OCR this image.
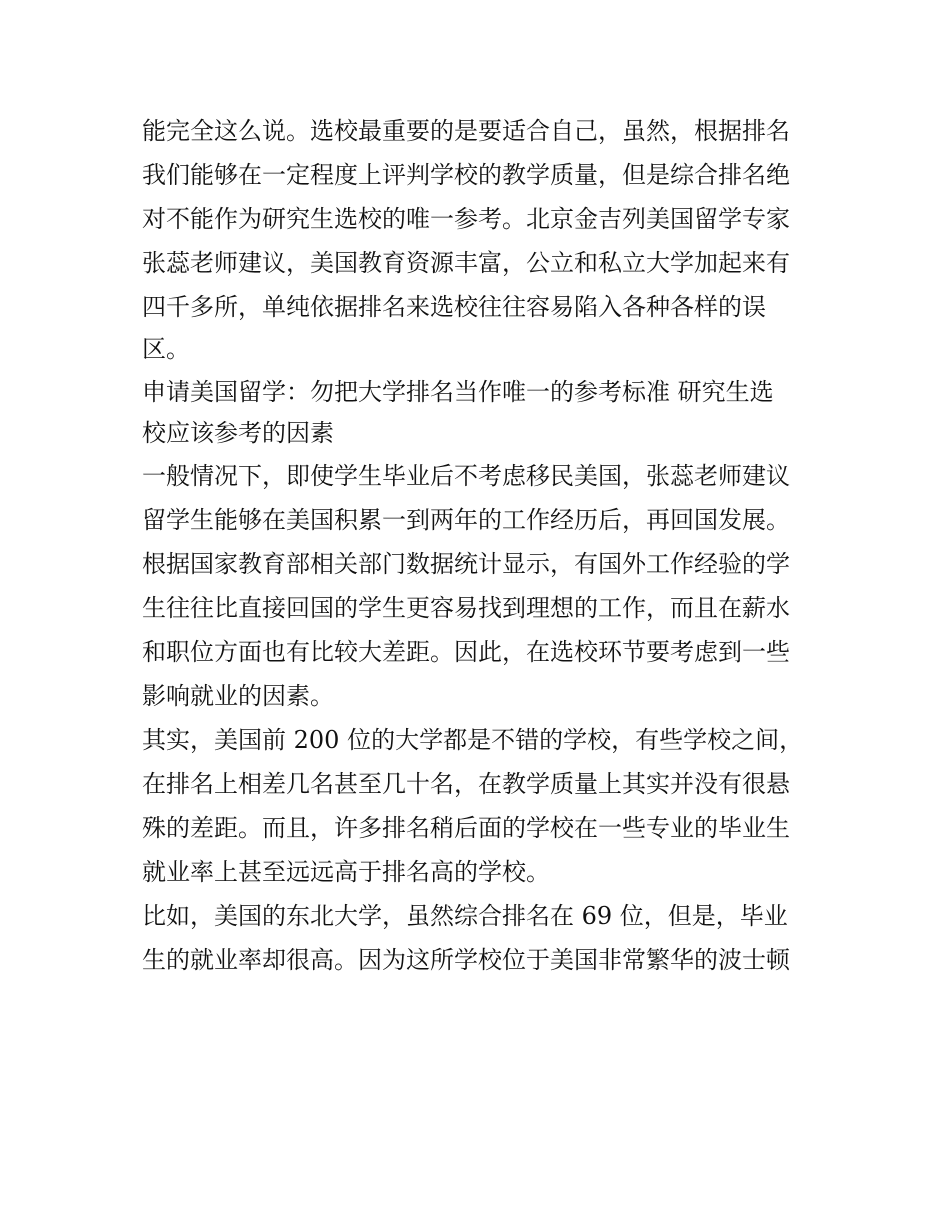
能完全这么说。选校最重要的是要适合自己，虽然，根据排名
我们能够在一定程度上评判学校的教学质量，但是综合排名绝
对不能作为研究生选校的唯一参考。北京金吉列美国留学专家
张蕊老师建议，美国教育资源丰富，公立和私立大学加起来有
四千多所，单纯依据排名来选校往往容易陷入各种各样的误
区。
申请美国留学：勿把大学排名当作唯一的参考标准 研究生选
校应该参考的因素
一般情况下，即使学生毕业后不考虑移民美国，张蕊老师建议
留学生能够在美国积累一到两年的工作经历后，再回国发展。
根据国家教育部相关部门数据统计显示，有国外工作经验的学
生往往比直接回国的学生更容易找到理想的工作，而且在薪水
和职位方面也有比较大差距。因此，在选校环节要考虑到一些
影响就业的因素。
其实，美国前 200 位的大学都是不错的学校，有些学校之间，
在排名上相差几名甚至几十名，在教学质量上其实并没有很悬
殊的差距。而且，许多排名稍后面的学校在一些专业的毕业生
就业率上甚至远远高于排名高的学校。
比如，美国的东北大学，虽然综合排名在 69 位，但是，毕业
生的就业率却很高。因为这所学校位于美国非常繁华的波士顿
